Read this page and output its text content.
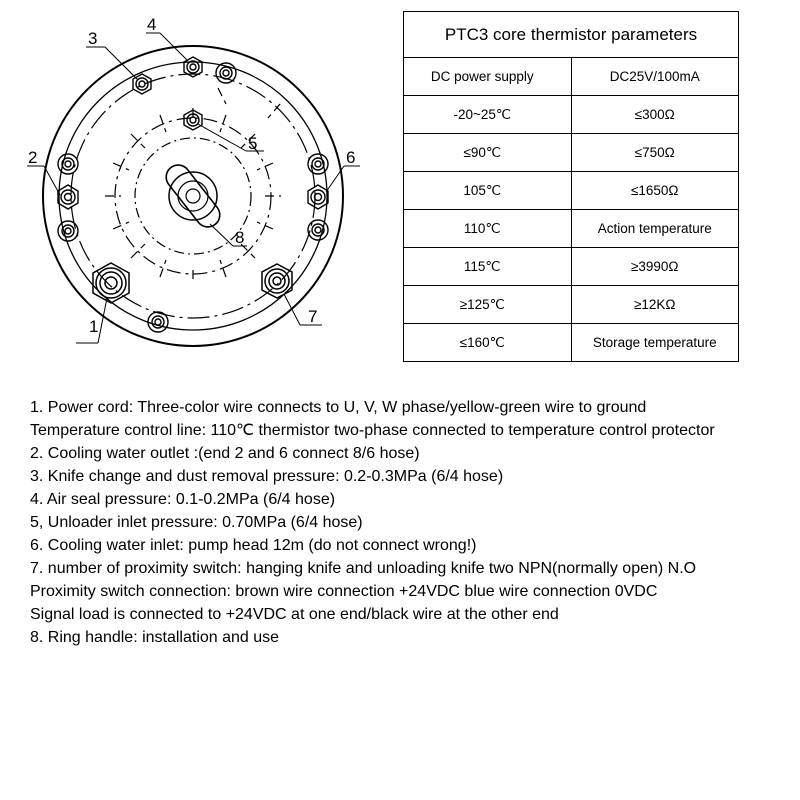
3
4
2
5
6
1
7
8
PTC3 core thermistor parameters	
DC power supply	DC25V/100mA
-20~25℃	≤300Ω
≤90℃	≤750Ω
105℃	≤1650Ω
110℃	Action temperature
115℃	≥3990Ω
≥125℃	≥12KΩ
≤160℃	Storage temperature

1. Power cord: Three-color wire connects to U, V, W phase/yellow-green wire to ground

Temperature control line: 110℃ thermistor two-phase connected to temperature control protector

2. Cooling water outlet :(end 2 and 6 connect 8/6 hose)

3. Knife change and dust removal pressure: 0.2-0.3MPa (6/4 hose)

4. Air seal pressure: 0.1-0.2MPa (6/4 hose)

5, Unloader inlet pressure: 0.70MPa (6/4 hose)

6. Cooling water inlet: pump head 12m (do not connect wrong!)

7. number of proximity switch: hanging knife and unloading knife two NPN(normally open) N.O

Proximity switch connection: brown wire connection +24VDC blue wire connection 0VDC

Signal load is connected to +24VDC at one end/black wire at the other end

8. Ring handle: installation and use
